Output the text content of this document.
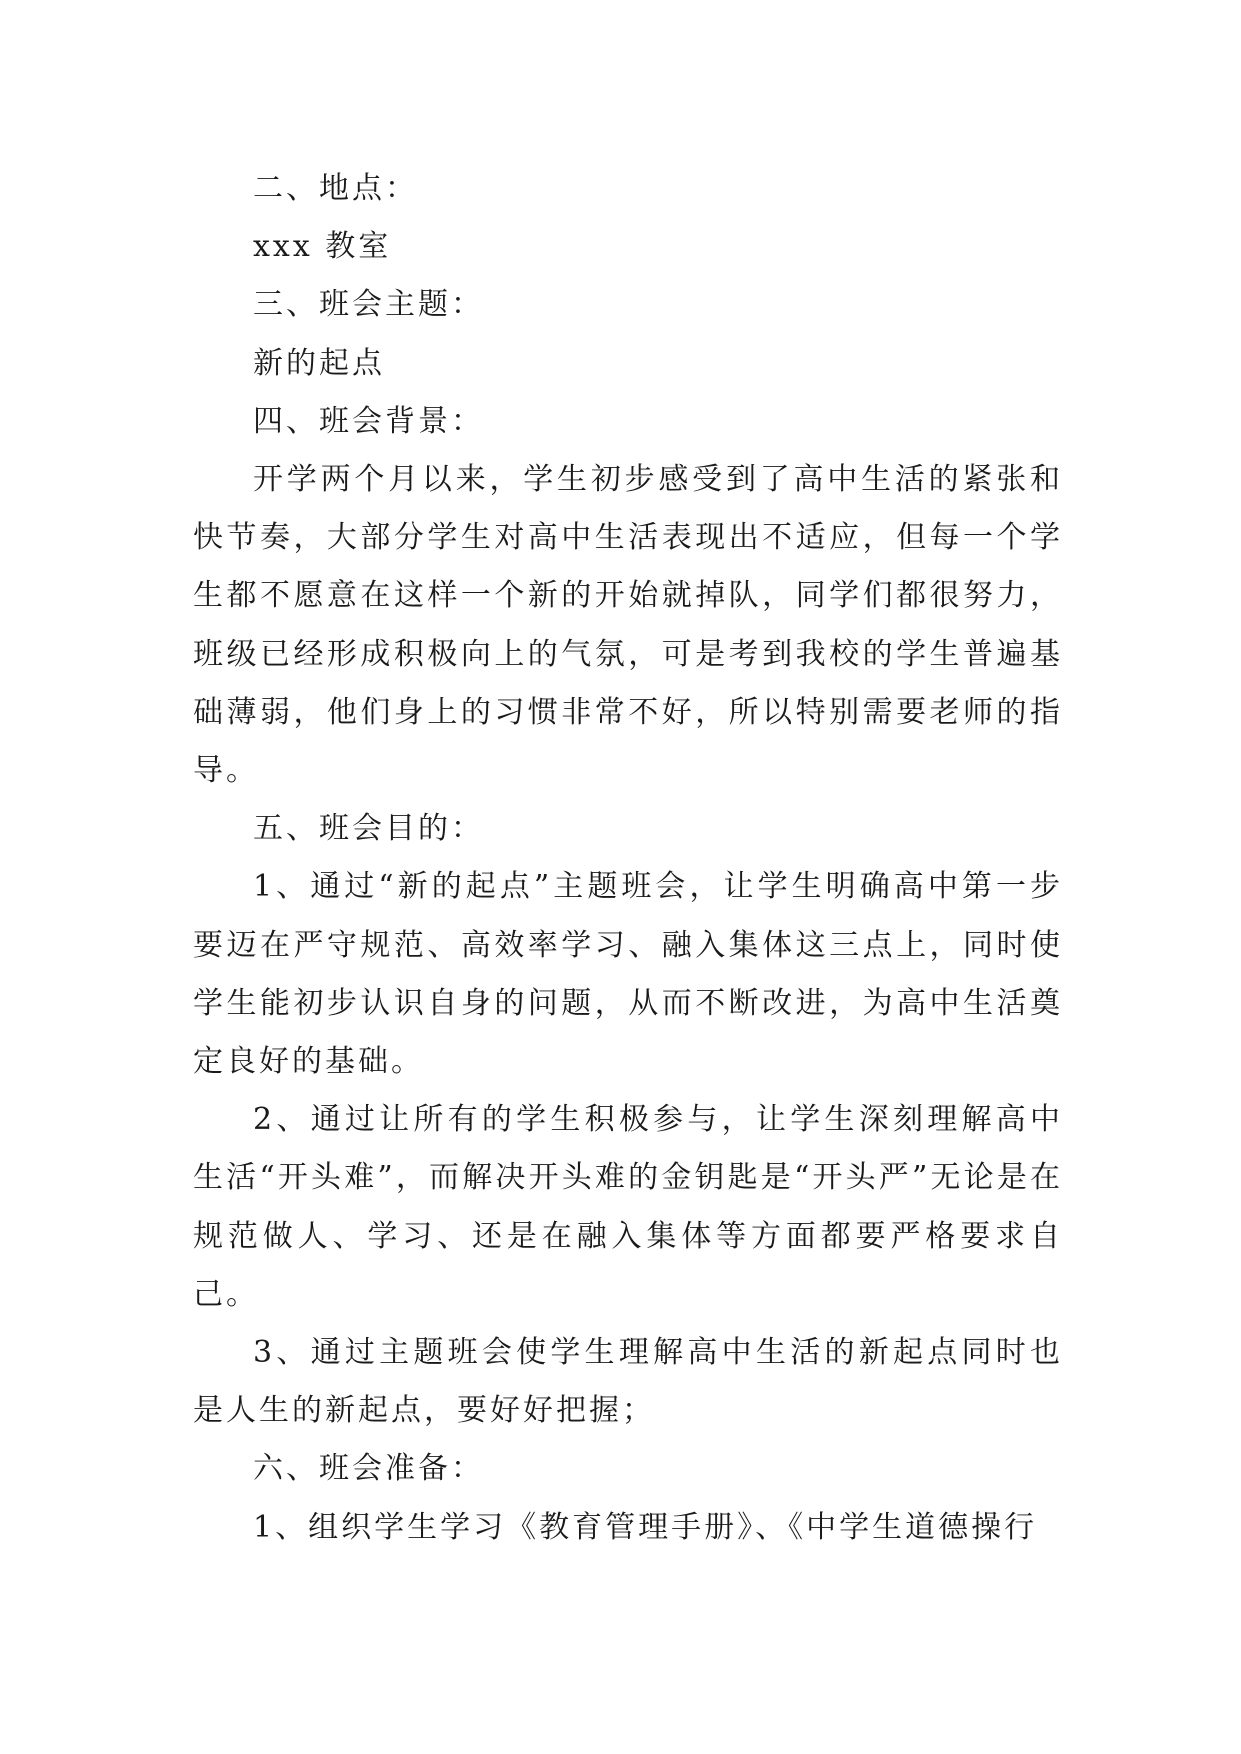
二、地点：

xxx 教室

三、班会主题：

新的起点

四、班会背景：

开学两个月以来，学生初步感受到了高中生活的紧张和快节奏，大部分学生对高中生活表现出不适应，但每一个学生都不愿意在这样一个新的开始就掉队，同学们都很努力，班级已经形成积极向上的气氛，可是考到我校的学生普遍基础薄弱，他们身上的习惯非常不好，所以特别需要老师的指导。

五、班会目的：

1、通过“新的起点”主题班会，让学生明确高中第一步要迈在严守规范、高效率学习、融入集体这三点上，同时使学生能初步认识自身的问题，从而不断改进，为高中生活奠定良好的基础。

2、通过让所有的学生积极参与，让学生深刻理解高中生活“开头难”，而解决开头难的金钥匙是“开头严”无论是在规范做人、学习、还是在融入集体等方面都要严格要求自己。

3、通过主题班会使学生理解高中生活的新起点同时也是人生的新起点，要好好把握；

六、班会准备：

1、组织学生学习《教育管理手册》、《中学生道德操行
